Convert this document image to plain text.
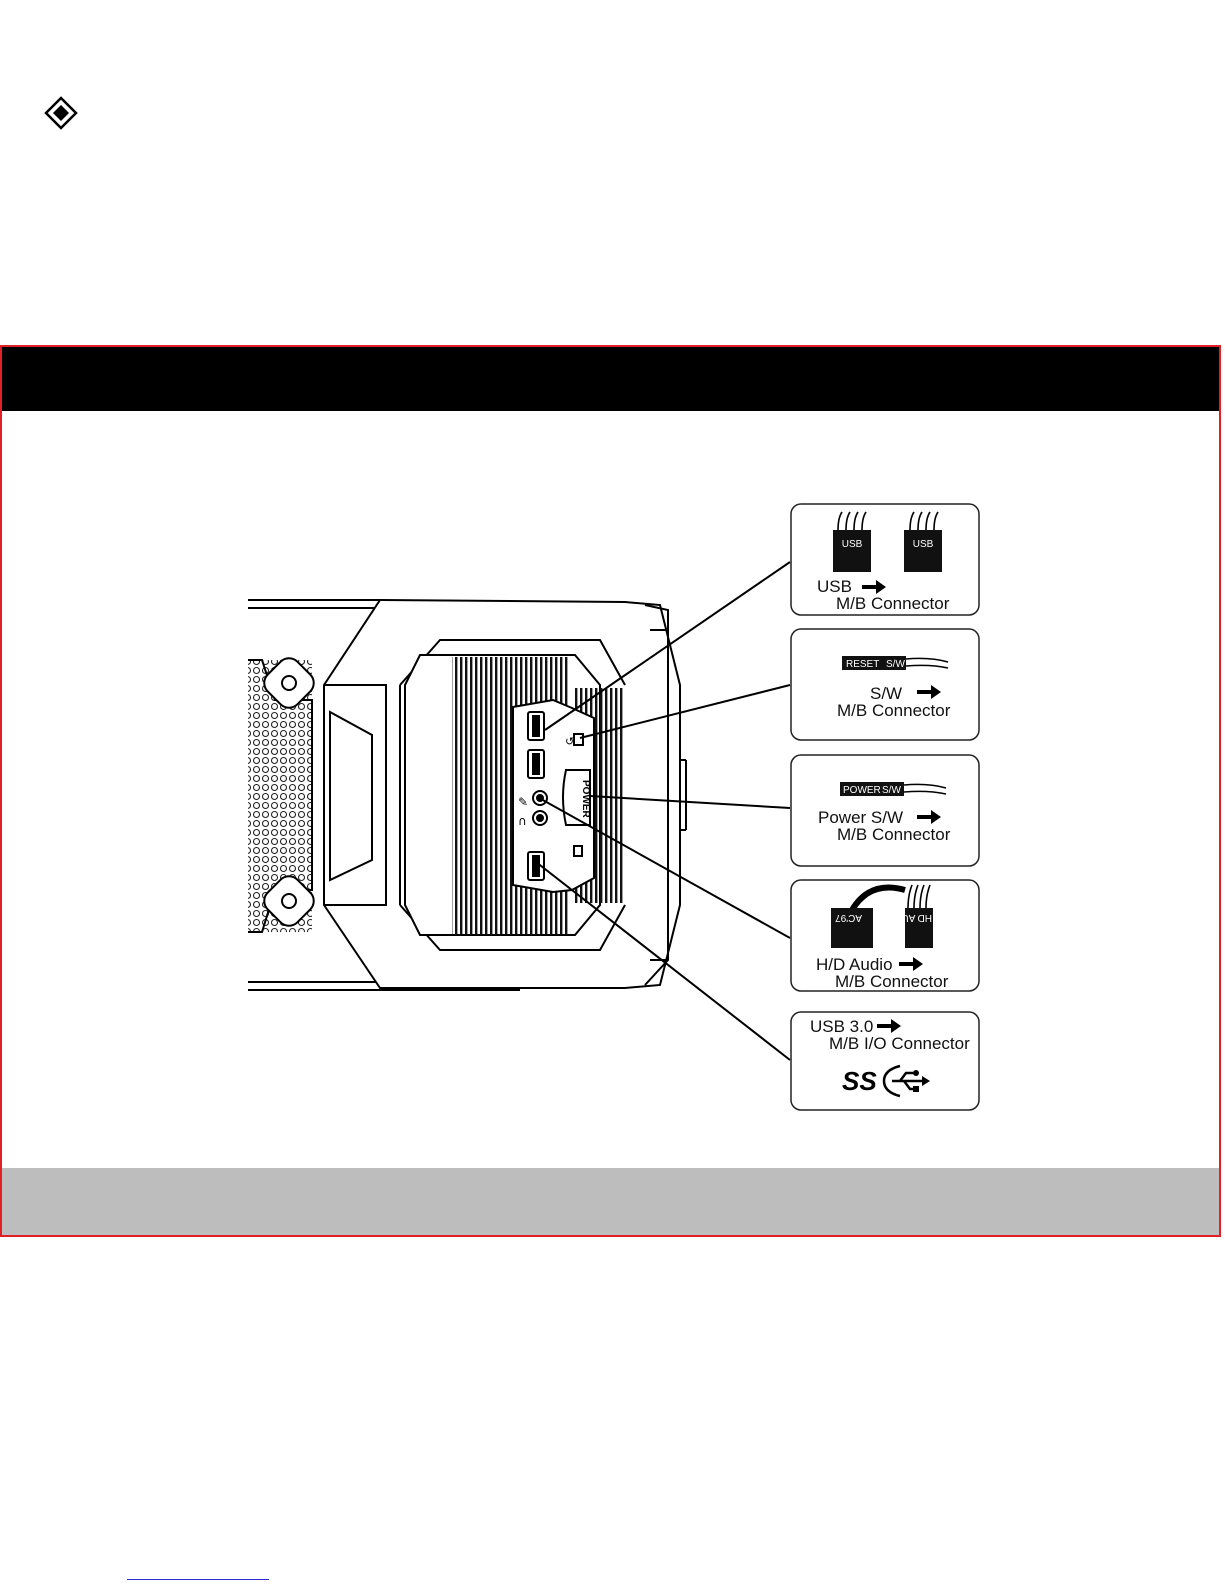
POWER
↺
✎
∩
USB	USB
USB
M/B Connector
RESET S/W
S/W
M/B Connector
POWER S/W
Power S/W
M/B Connector
AC'97 HD AUDIO
H/D Audio
M/B Connector
USB 3.0
M/B I/O Connector
SS
